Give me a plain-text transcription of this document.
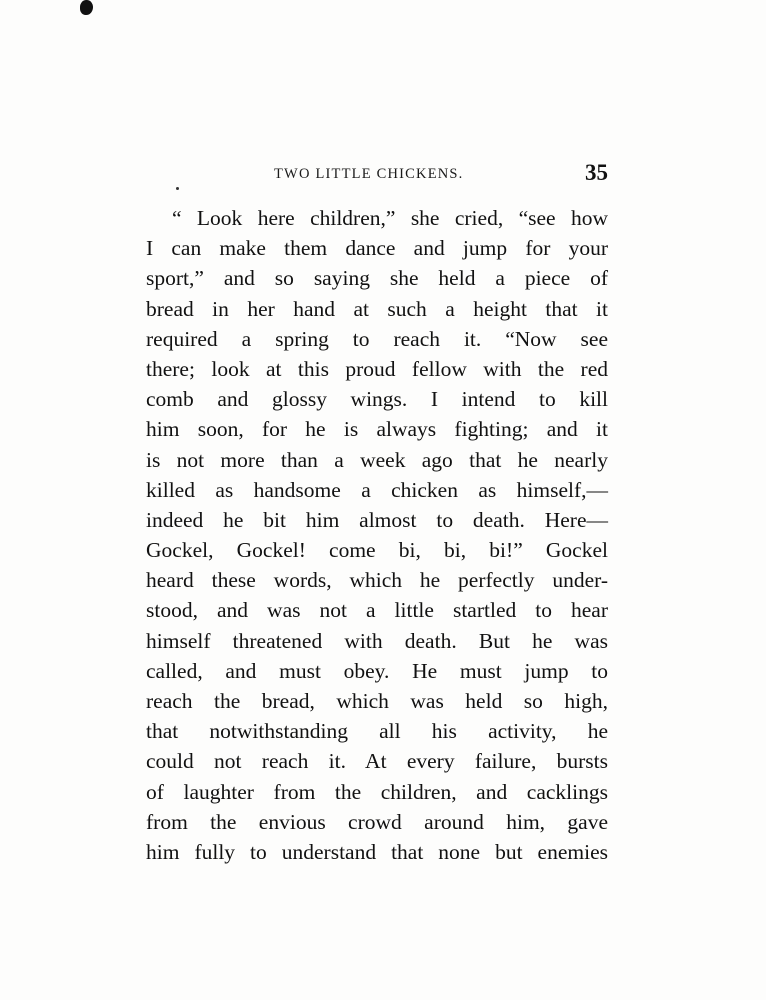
TWO LITTLE CHICKENS.	35
“ Look here children,” she cried, “see how
I can make them dance and jump for your
sport,” and so saying she held a piece of
bread in her hand at such a height that it
required a spring to reach it. “Now see
there; look at this proud fellow with the red
comb and glossy wings. I intend to kill
him soon, for he is always fighting; and it
is not more than a week ago that he nearly
killed as handsome a chicken as himself,—
indeed he bit him almost to death. Here—
Gockel, Gockel! come bi, bi, bi!” Gockel
heard these words, which he perfectly under-
stood, and was not a little startled to hear
himself threatened with death. But he was
called, and must obey. He must jump to
reach the bread, which was held so high,
that notwithstanding all his activity, he
could not reach it. At every failure, bursts
of laughter from the children, and cacklings
from the envious crowd around him, gave
him fully to understand that none but enemies
